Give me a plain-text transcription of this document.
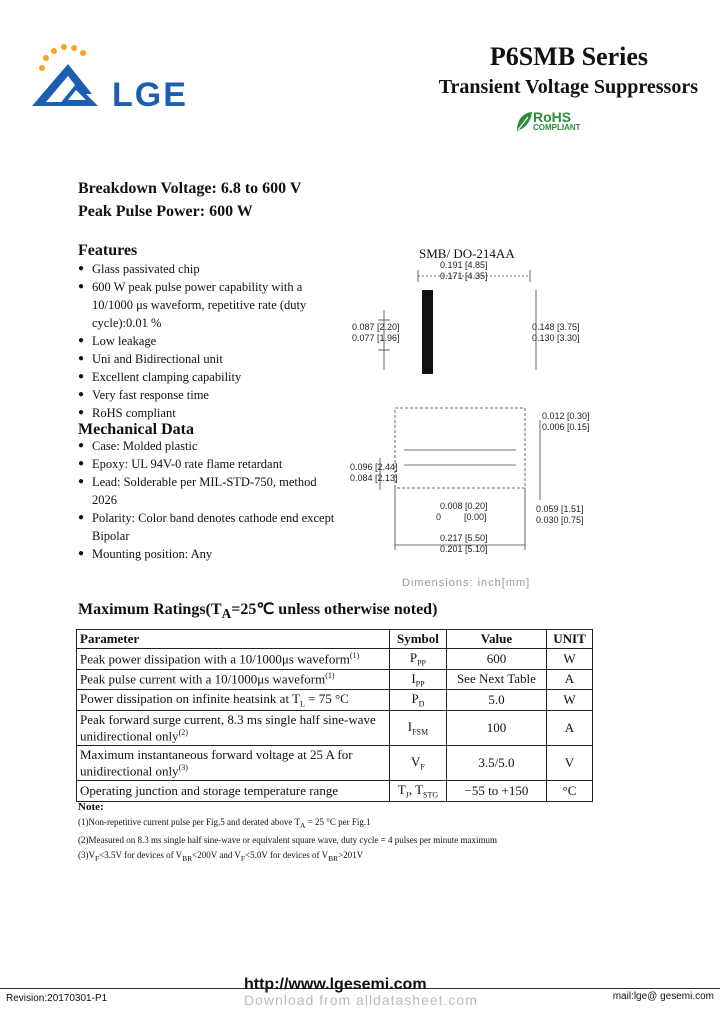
LGE
P6SMB Series
Transient Voltage Suppressors
RoHS
COMPLIANT
Breakdown Voltage: 6.8 to 600 V
Peak Pulse Power: 600 W
Features
● Glass passivated chip
● 600 W peak pulse power capability with a 10/1000 μs waveform, repetitive rate (duty cycle):0.01 %
● Low leakage
● Uni and Bidirectional unit
● Excellent clamping capability
● Very fast response time
● RoHS compliant
Mechanical Data
● Case: Molded plastic
● Epoxy: UL 94V-0 rate flame retardant
● Lead: Solderable per MIL-STD-750, method 2026
● Polarity: Color band denotes cathode end except Bipolar
● Mounting position: Any
SMB/ DO-214AA
0.191 [4.85]
0.171 [4.35]
0.087 [2.20]
0.077 [1.96]
0.148 [3.75]
0.130 [3.30]
0.012 [0.30]
0.006 [0.15]
0.096 [2.44]
0.084 [2.13]
0.008 [0.20]
0	[0.00]
0.059 [1.51]
0.030 [0.75]
0.217 [5.50]
0.201 [5.10]
Dimensions: inch[mm]
Maximum $Ratings(T_A=25℃$ unless otherwise noted)
Parameter	Symbol	Value	UNIT
Peak power dissipation with a 10/1000μs waveform$^{(1)}$	$P_{PP}$	600	W
Peak pulse current with a 10/1000μs waveform$^{(1)}$	$I_{PP}$	See Next Table	A
Power dissipation on infinite heatsink at $T_L = 75$ °C	$P_D$	5.0	W
Peak forward surge current, 8.3 ms single half sine-wave unidirectional only$^{(2)}$	$I_{FSM}$	100	A
Maximum instantaneous forward voltage at 25 A for unidirectional only$^{(3)}$	$V_F$	3.5/5.0	V
Operating junction and storage temperature range	$T_J$, $T_{STG}$	−55 to +150	°C
Note:
(1)Non-repetitive current pulse per Fig.5 and derated above $T_A = 25$ °C per Fig.1
(2)Measured on 8.3 ms single half sine-wave or equivalent square wave, duty cycle = 4 pulses per minute maximum
$(3)V_F<3.5V$ for devices of $V_{BR}<200V$ and $V_F<5.0V$ for devices of $V_{BR}>201V$
http://www.lgesemi.com
Download from alldatasheet.com
Revision:20170301-P1	mail:lge@ gesemi.com
